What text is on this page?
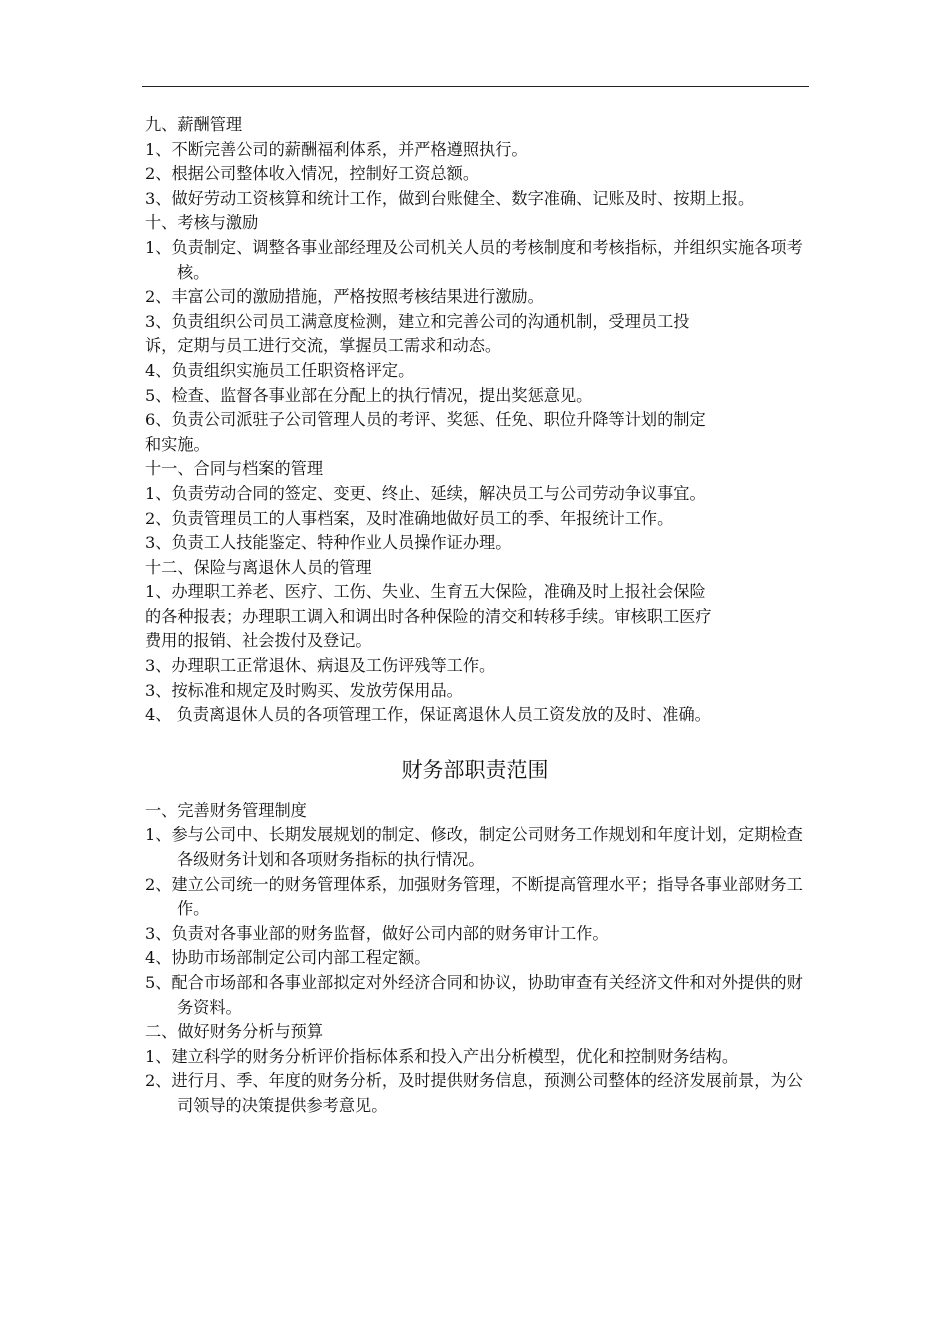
九、薪酬管理

1、不断完善公司的薪酬福利体系，并严格遵照执行。

2、根据公司整体收入情况，控制好工资总额。

3、做好劳动工资核算和统计工作，做到台账健全、数字准确、记账及时、按期上报。

十、考核与激励

1、负责制定、调整各事业部经理及公司机关人员的考核制度和考核指标，并组织实施各项考核。

2、丰富公司的激励措施，严格按照考核结果进行激励。

3、负责组织公司员工满意度检测，建立和完善公司的沟通机制，受理员工投

诉，定期与员工进行交流，掌握员工需求和动态。

4、负责组织实施员工任职资格评定。

5、检查、监督各事业部在分配上的执行情况，提出奖惩意见。

6、负责公司派驻子公司管理人员的考评、奖惩、任免、职位升降等计划的制定

和实施。

十一、合同与档案的管理

1、负责劳动合同的签定、变更、终止、延续，解决员工与公司劳动争议事宜。

2、负责管理员工的人事档案，及时准确地做好员工的季、年报统计工作。

3、负责工人技能鉴定、特种作业人员操作证办理。

十二、保险与离退休人员的管理

1、办理职工养老、医疗、工伤、失业、生育五大保险，准确及时上报社会保险

的各种报表；办理职工调入和调出时各种保险的清交和转移手续。审核职工医疗

费用的报销、社会拨付及登记。

3、办理职工正常退休、病退及工伤评残等工作。

3、按标准和规定及时购买、发放劳保用品。

4、 负责离退休人员的各项管理工作，保证离退休人员工资发放的及时、准确。

财务部职责范围

一、完善财务管理制度

1、参与公司中、长期发展规划的制定、修改，制定公司财务工作规划和年度计划，定期检查各级财务计划和各项财务指标的执行情况。

2、建立公司统一的财务管理体系，加强财务管理，不断提高管理水平；指导各事业部财务工作。

3、负责对各事业部的财务监督，做好公司内部的财务审计工作。

4、协助市场部制定公司内部工程定额。

5、配合市场部和各事业部拟定对外经济合同和协议，协助审查有关经济文件和对外提供的财务资料。

二、做好财务分析与预算

1、建立科学的财务分析评价指标体系和投入产出分析模型，优化和控制财务结构。

2、进行月、季、年度的财务分析，及时提供财务信息，预测公司整体的经济发展前景，为公司领导的决策提供参考意见。
